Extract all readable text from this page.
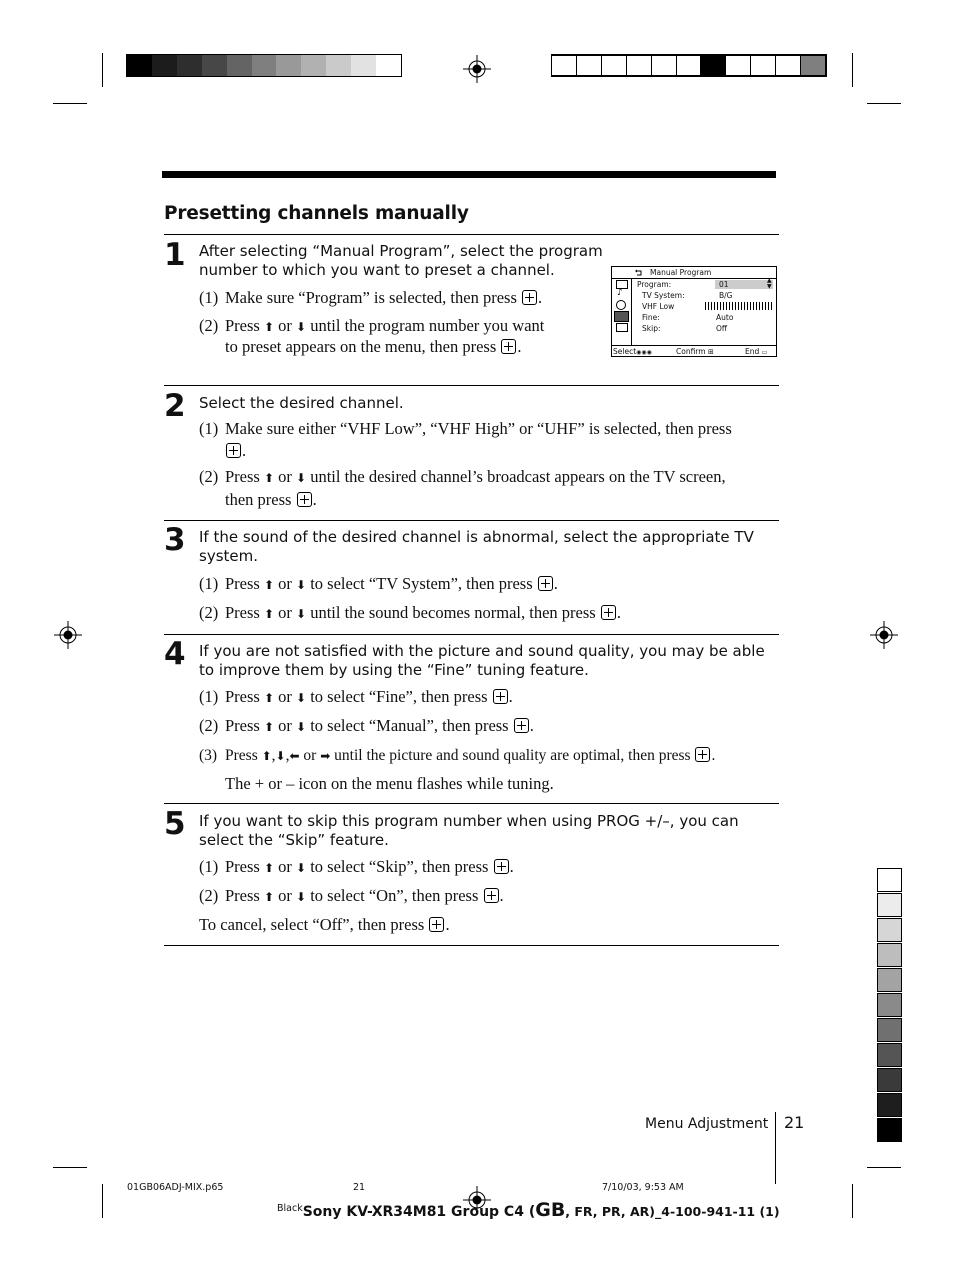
Presetting channels manually
1 After selecting “Manual Program”, select the program
number to which you want to preset a channel.
(1) Make sure “Program” is selected, then press .
(2) Press ⬆ or ⬇ until the program number you want
to preset appears on the menu, then press .
Manual Program
♪
Program:	01	▲
▼
TV System:	B/G
VHF Low
Fine:	Auto
Skip:	Off
Select◉◉◉	Confirm ⊞	End ▭
2 Select the desired channel.
(1) Make sure either “VHF Low”, “VHF High” or “UHF” is selected, then press
.
(2) Press ⬆ or ⬇ until the desired channel’s broadcast appears on the TV screen,
then press .
3 If the sound of the desired channel is abnormal, select the appropriate TV
system.
(1) Press ⬆ or ⬇ to select “TV System”, then press .
(2) Press ⬆ or ⬇ until the sound becomes normal, then press .
4 If you are not satisfied with the picture and sound quality, you may be able
to improve them by using the “Fine” tuning feature.
(1) Press ⬆ or ⬇ to select “Fine”, then press .
(2) Press ⬆ or ⬇ to select “Manual”, then press .
(3) Press ⬆,⬇,⬅ or ➡ until the picture and sound quality are optimal, then press .
The + or – icon on the menu flashes while tuning.
5 If you want to skip this program number when using PROG +/–, you can
select the “Skip” feature.
(1) Press ⬆ or ⬇ to select “Skip”, then press .
(2) Press ⬆ or ⬇ to select “On”, then press .
To cancel, select “Off”, then press .
Menu Adjustment 21
01GB06ADJ-MIX.p65	21	7/10/03, 9:53 AM
$^{Black}$Sony KV-XR34M81 Group C4 (GB, FR, PR, AR)_4-100-941-11 (1)
